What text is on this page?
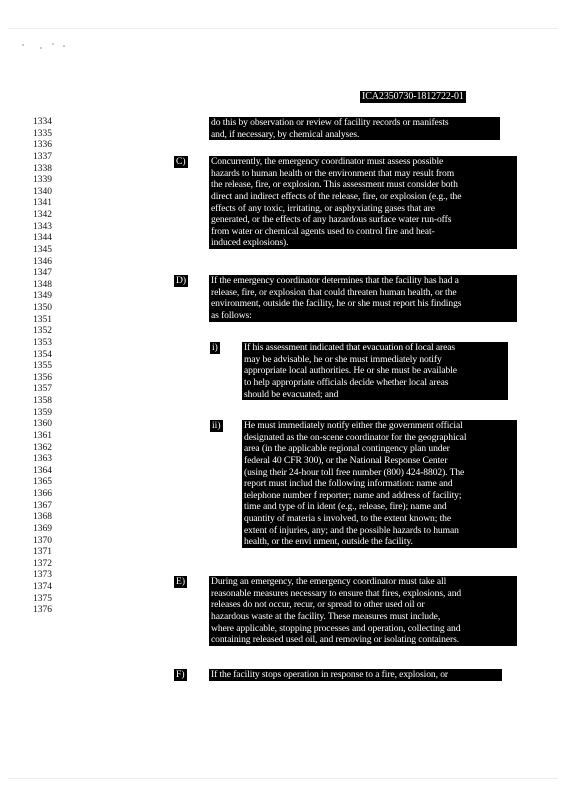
ICA2350730-1812722-01
1334
1335
1336
1337
1338
1339
1340
1341
1342
1343
1344
1345
1346
1347
1348
1349
1350
1351
1352
1353
1354
1355
1356
1357
1358
1359
1360
1361
1362
1363
1364
1365
1366
1367
1368
1369
1370
1371
1372
1373
1374
1375
1376
do this by observation or review of facility records or manifests
and, if necessary, by chemical analyses.
C)	Concurrently, the emergency coordinator must assess possible
hazards to human health or the environment that may result from
the release, fire, or explosion. This assessment must consider both
direct and indirect effects of the release, fire, or explosion (e.g., the
effects of any toxic, irritating, or asphyxiating gases that are
generated, or the effects of any hazardous surface water run-offs
from water or chemical agents used to control fire and heat-
induced explosions).
D)	If the emergency coordinator determines that the facility has had a
release, fire, or explosion that could threaten human health, or the
environment, outside the facility, he or she must report his findings
as follows:
i)	If his assessment indicated that evacuation of local areas
may be advisable, he or she must immediately notify
appropriate local authorities. He or she must be available
to help appropriate officials decide whether local areas
should be evacuated; and
ii) He must immediately notify either the government official
designated as the on-scene coordinator for the geographical
area (in the applicable regional contingency plan under
federal 40 CFR 300), or the National Response Center
(using their 24-hour toll free number (800) 424-8802). The
report must includ the following information: name and
telephone number f reporter; name and address of facility;
time and type of in ident (e.g., release, fire); name and
quantity of materia s involved, to the extent known; the
extent of injuries, any; and the possible hazards to human
health, or the envi nment, outside the facility.
E)	During an emergency, the emergency coordinator must take all
reasonable measures necessary to ensure that fires, explosions, and
releases do not occur, recur, or spread to other used oil or
hazardous waste at the facility. These measures must include,
where applicable, stopping processes and operation, collecting and
containing released used oil, and removing or isolating containers.
F)	If the facility stops operation in response to a fire, explosion, or
